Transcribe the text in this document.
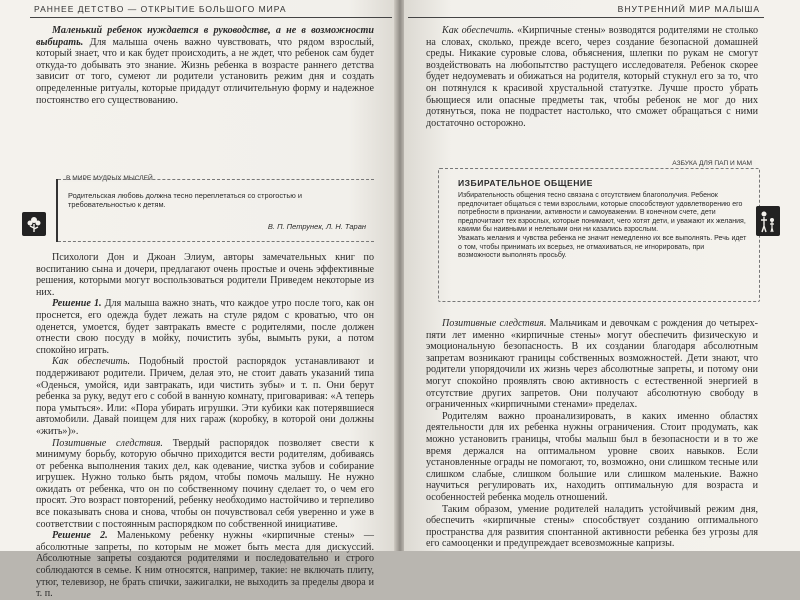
РАННЕЕ ДЕТСТВО — ОТКРЫТИЕ БОЛЬШОГО МИРА

Маленький ребенок нуждается в руководстве, а не в возможности выбирать. Для малыша очень важно чувствовать, что рядом взрослый, который знает, что и как будет происходить, а не ждет, что ребенок сам будет откуда-то добывать это знание. Жизнь ребенка в возрасте раннего детства зависит от того, сумеют ли родители установить режим дня и создать определенные ритуалы, которые придадут отличительную форму и надежное постоянство его существованию.

В МИРЕ МУДРЫХ МЫСЛЕЙ
Родительская любовь должна тесно переплетаться со строгостью и требовательностью к детям.
В. П. Петрунек, Л. Н. Таран

Психологи Дон и Джоан Элиум, авторы замечательных книг по воспитанию сына и дочери, предлагают очень простые и очень эффективные решения, которыми могут воспользоваться родители Приведем некоторые из них.

Решение 1. Для малыша важно знать, что каждое утро после того, как он проснется, его одежда будет лежать на стуле рядом с кроватью, что он оденется, умоется, будет завтракать вместе с родителями, после должен отнести свою посуду в мойку, почистить зубы, вымыть руки, а потом спокойно играть.

Как обеспечить. Подобный простой распорядок устанавливают и поддерживают родители. Причем, делая это, не стоит давать указаний типа «Оденься, умойся, иди завтракать, иди чистить зубы» и т. п. Они берут ребенка за руку, ведут его с собой в ванную комнату, приговаривая: «А теперь пора умыться». Или: «Пора убирать игрушки. Эти кубики как потерявшиеся автомобили. Давай поищем для них гараж (коробку, в которой они должны «жить»)».

Позитивные следствия. Твердый распорядок позволяет свести к минимуму борьбу, которую обычно приходится вести родителям, добиваясь от ребенка выполнения таких дел, как одевание, чистка зубов и собирание игрушек. Нужно только быть рядом, чтобы помочь малышу. Не нужно ожидать от ребенка, что он по собственному почину сделает то, о чем его просят. Это возраст повторений, ребенку необходимо настойчиво и терпеливо все показывать снова и снова, чтобы он почувствовал себя уверенно и уже в соответствии с постоянным распорядком по собственной инициативе.

Решение 2. Маленькому ребенку нужны «кирпичные стены» — абсолютные запреты, по которым не может быть места для дискуссий. Абсолютные запреты создаются родителями и последовательно и строго соблюдаются в семье. К ним относятся, например, такие: не включать плиту, утюг, телевизор, не брать спички, зажигалки, не выходить за пределы двора и т. п.

ВНУТРЕННИЙ МИР МАЛЫША

Как обеспечить. «Кирпичные стены» возводятся родителями не столько на словах, сколько, прежде всего, через создание безопасной домашней среды. Никакие суровые слова, объяснения, шлепки по рукам не смогут воздействовать на любопытство растущего исследователя. Ребенок скорее будет недоумевать и обижаться на родителя, который стукнул его за то, что он потянулся к красивой хрустальной статуэтке. Лучше просто убрать бьющиеся или опасные предметы так, чтобы ребенок не мог до них дотянуться, пока не подрастет настолько, что сможет обращаться с ними достаточно осторожно.

АЗБУКА ДЛЯ ПАП И МАМ
ИЗБИРАТЕЛЬНОЕ ОБЩЕНИЕ
Избирательность общения тесно связана с отсутствием благополучия. Ребенок предпочитает общаться с теми взрослыми, которые способствуют удовлетворению его потребности в признании, активности и самоуважении. В конечном счете, дети предпочитают тех взрослых, которые понимают, чего хотят дети, и уважают их желания, какими бы наивными и нелепыми они ни казались взрослым.
Уважать желания и чувства ребенка не значит немедленно их все выполнять. Речь идет о том, чтобы принимать их всерьез, не отмахиваться, не игнорировать, при возможности выполнять просьбу.

Позитивные следствия. Мальчикам и девочкам с рождения до четырех-пяти лет именно «кирпичные стены» могут обеспечить физическую и эмоциональную безопасность. В их создании благодаря абсолютным запретам возникают границы собственных возможностей. Дети знают, что родители упорядочили их жизнь через абсолютные запреты, и потому они могут спокойно проявлять свою активность с естественной энергией в отсутствие других запретов. Они получают абсолютную свободу в ограниченных «кирпичными стенами» пределах.

Родителям важно проанализировать, в каких именно областях деятельности для их ребенка нужны ограничения. Стоит продумать, как можно установить границы, чтобы малыш был в безопасности и в то же время держался на оптимальном уровне своих навыков. Если установленные ограды не помогают, то, возможно, они слишком тесные или слишком слабые, слишком большие или слишком маленькие. Важно научиться регулировать их, находить оптимальную для возраста и особенностей ребенка модель отношений.

Таким образом, умение родителей наладить устойчивый режим дня, обеспечить «кирпичные стены» способствует созданию оптимального пространства для развития спонтанной активности ребенка без угрозы для его самооценки и предупреждает всевозможные капризы.
